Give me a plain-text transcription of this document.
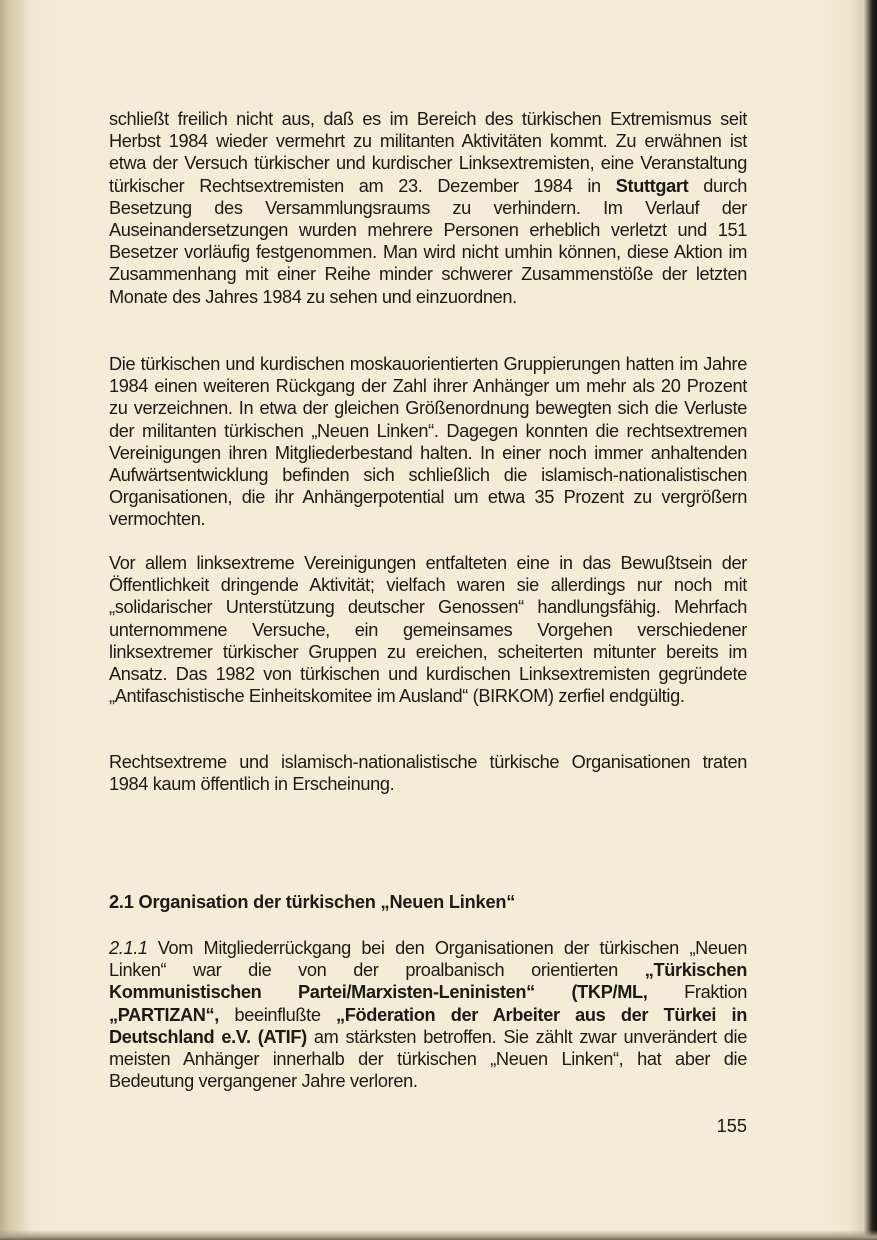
schließt freilich nicht aus, daß es im Bereich des türkischen Extremismus seit Herbst 1984 wieder vermehrt zu militanten Aktivitäten kommt. Zu erwähnen ist etwa der Versuch türkischer und kurdischer Linksextremisten, eine Veranstaltung türkischer Rechtsextremisten am 23. Dezember 1984 in Stuttgart durch Besetzung des Versammlungsraums zu verhindern. Im Verlauf der Auseinandersetzungen wurden mehrere Personen erheblich verletzt und 151 Besetzer vorläufig festgenommen. Man wird nicht umhin können, diese Aktion im Zusammenhang mit einer Reihe minder schwerer Zusammenstöße der letzten Monate des Jahres 1984 zu sehen und einzuordnen.

Die türkischen und kurdischen moskauorientierten Gruppierungen hatten im Jahre 1984 einen weiteren Rückgang der Zahl ihrer Anhänger um mehr als 20 Prozent zu verzeichnen. In etwa der gleichen Größenordnung bewegten sich die Verluste der militanten türkischen „Neuen Linken“. Dagegen konnten die rechtsextremen Vereinigungen ihren Mitgliederbestand halten. In einer noch immer anhaltenden Aufwärtsentwicklung befinden sich schließlich die islamisch-nationalistischen Organisationen, die ihr Anhängerpotential um etwa 35 Prozent zu vergrößern vermochten.

Vor allem linksextreme Vereinigungen entfalteten eine in das Bewußtsein der Öffentlichkeit dringende Aktivität; vielfach waren sie allerdings nur noch mit „solidarischer Unterstützung deutscher Genossen“ handlungsfähig. Mehrfach unternommene Versuche, ein gemeinsames Vorgehen verschiedener linksextremer türkischer Gruppen zu ereichen, scheiterten mitunter bereits im Ansatz. Das 1982 von türkischen und kurdischen Linksextremisten gegründete „Antifaschistische Einheitskomitee im Ausland“ (BIRKOM) zerfiel endgültig.

Rechtsextreme und islamisch-nationalistische türkische Organisationen traten 1984 kaum öffentlich in Erscheinung.

2.1 Organisation der türkischen „Neuen Linken“

2.1.1 Vom Mitgliederrückgang bei den Organisationen der türkischen „Neuen Linken“ war die von der proalbanisch orientierten „Türkischen Kommunistischen Partei/Marxisten-Leninisten“ (TKP/ML, Fraktion „PARTIZAN“, beeinflußte „Föderation der Arbeiter aus der Türkei in Deutschland e.V. (ATIF) am stärksten betroffen. Sie zählt zwar unverändert die meisten Anhänger innerhalb der türkischen „Neuen Linken“, hat aber die Bedeutung vergangener Jahre verloren.

155
